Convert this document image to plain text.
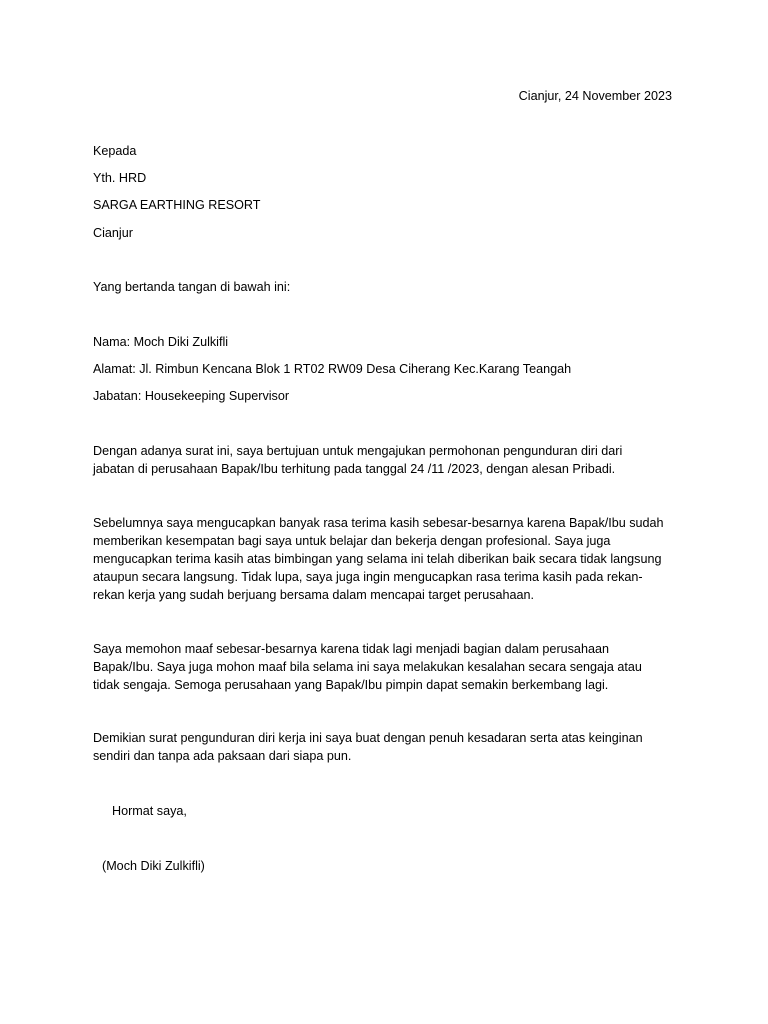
Cianjur, 24 November 2023
Kepada
Yth. HRD
SARGA EARTHING RESORT
Cianjur
Yang bertanda tangan di bawah ini:
Nama: Moch Diki Zulkifli
Alamat: Jl. Rimbun Kencana Blok 1 RT02 RW09 Desa Ciherang Kec.Karang Teangah
Jabatan: Housekeeping Supervisor
Dengan adanya surat ini, saya bertujuan untuk mengajukan permohonan pengunduran diri dari
jabatan di perusahaan Bapak/Ibu terhitung pada tanggal 24 /11 /2023, dengan alesan Pribadi.
Sebelumnya saya mengucapkan banyak rasa terima kasih sebesar-besarnya karena Bapak/Ibu sudah
memberikan kesempatan bagi saya untuk belajar dan bekerja dengan profesional. Saya juga
mengucapkan terima kasih atas bimbingan yang selama ini telah diberikan baik secara tidak langsung
ataupun secara langsung. Tidak lupa, saya juga ingin mengucapkan rasa terima kasih pada rekan-
rekan kerja yang sudah berjuang bersama dalam mencapai target perusahaan.
Saya memohon maaf sebesar-besarnya karena tidak lagi menjadi bagian dalam perusahaan
Bapak/Ibu. Saya juga mohon maaf bila selama ini saya melakukan kesalahan secara sengaja atau
tidak sengaja. Semoga perusahaan yang Bapak/Ibu pimpin dapat semakin berkembang lagi.
Demikian surat pengunduran diri kerja ini saya buat dengan penuh kesadaran serta atas keinginan
sendiri dan tanpa ada paksaan dari siapa pun.
Hormat saya,
(Moch Diki Zulkifli)
